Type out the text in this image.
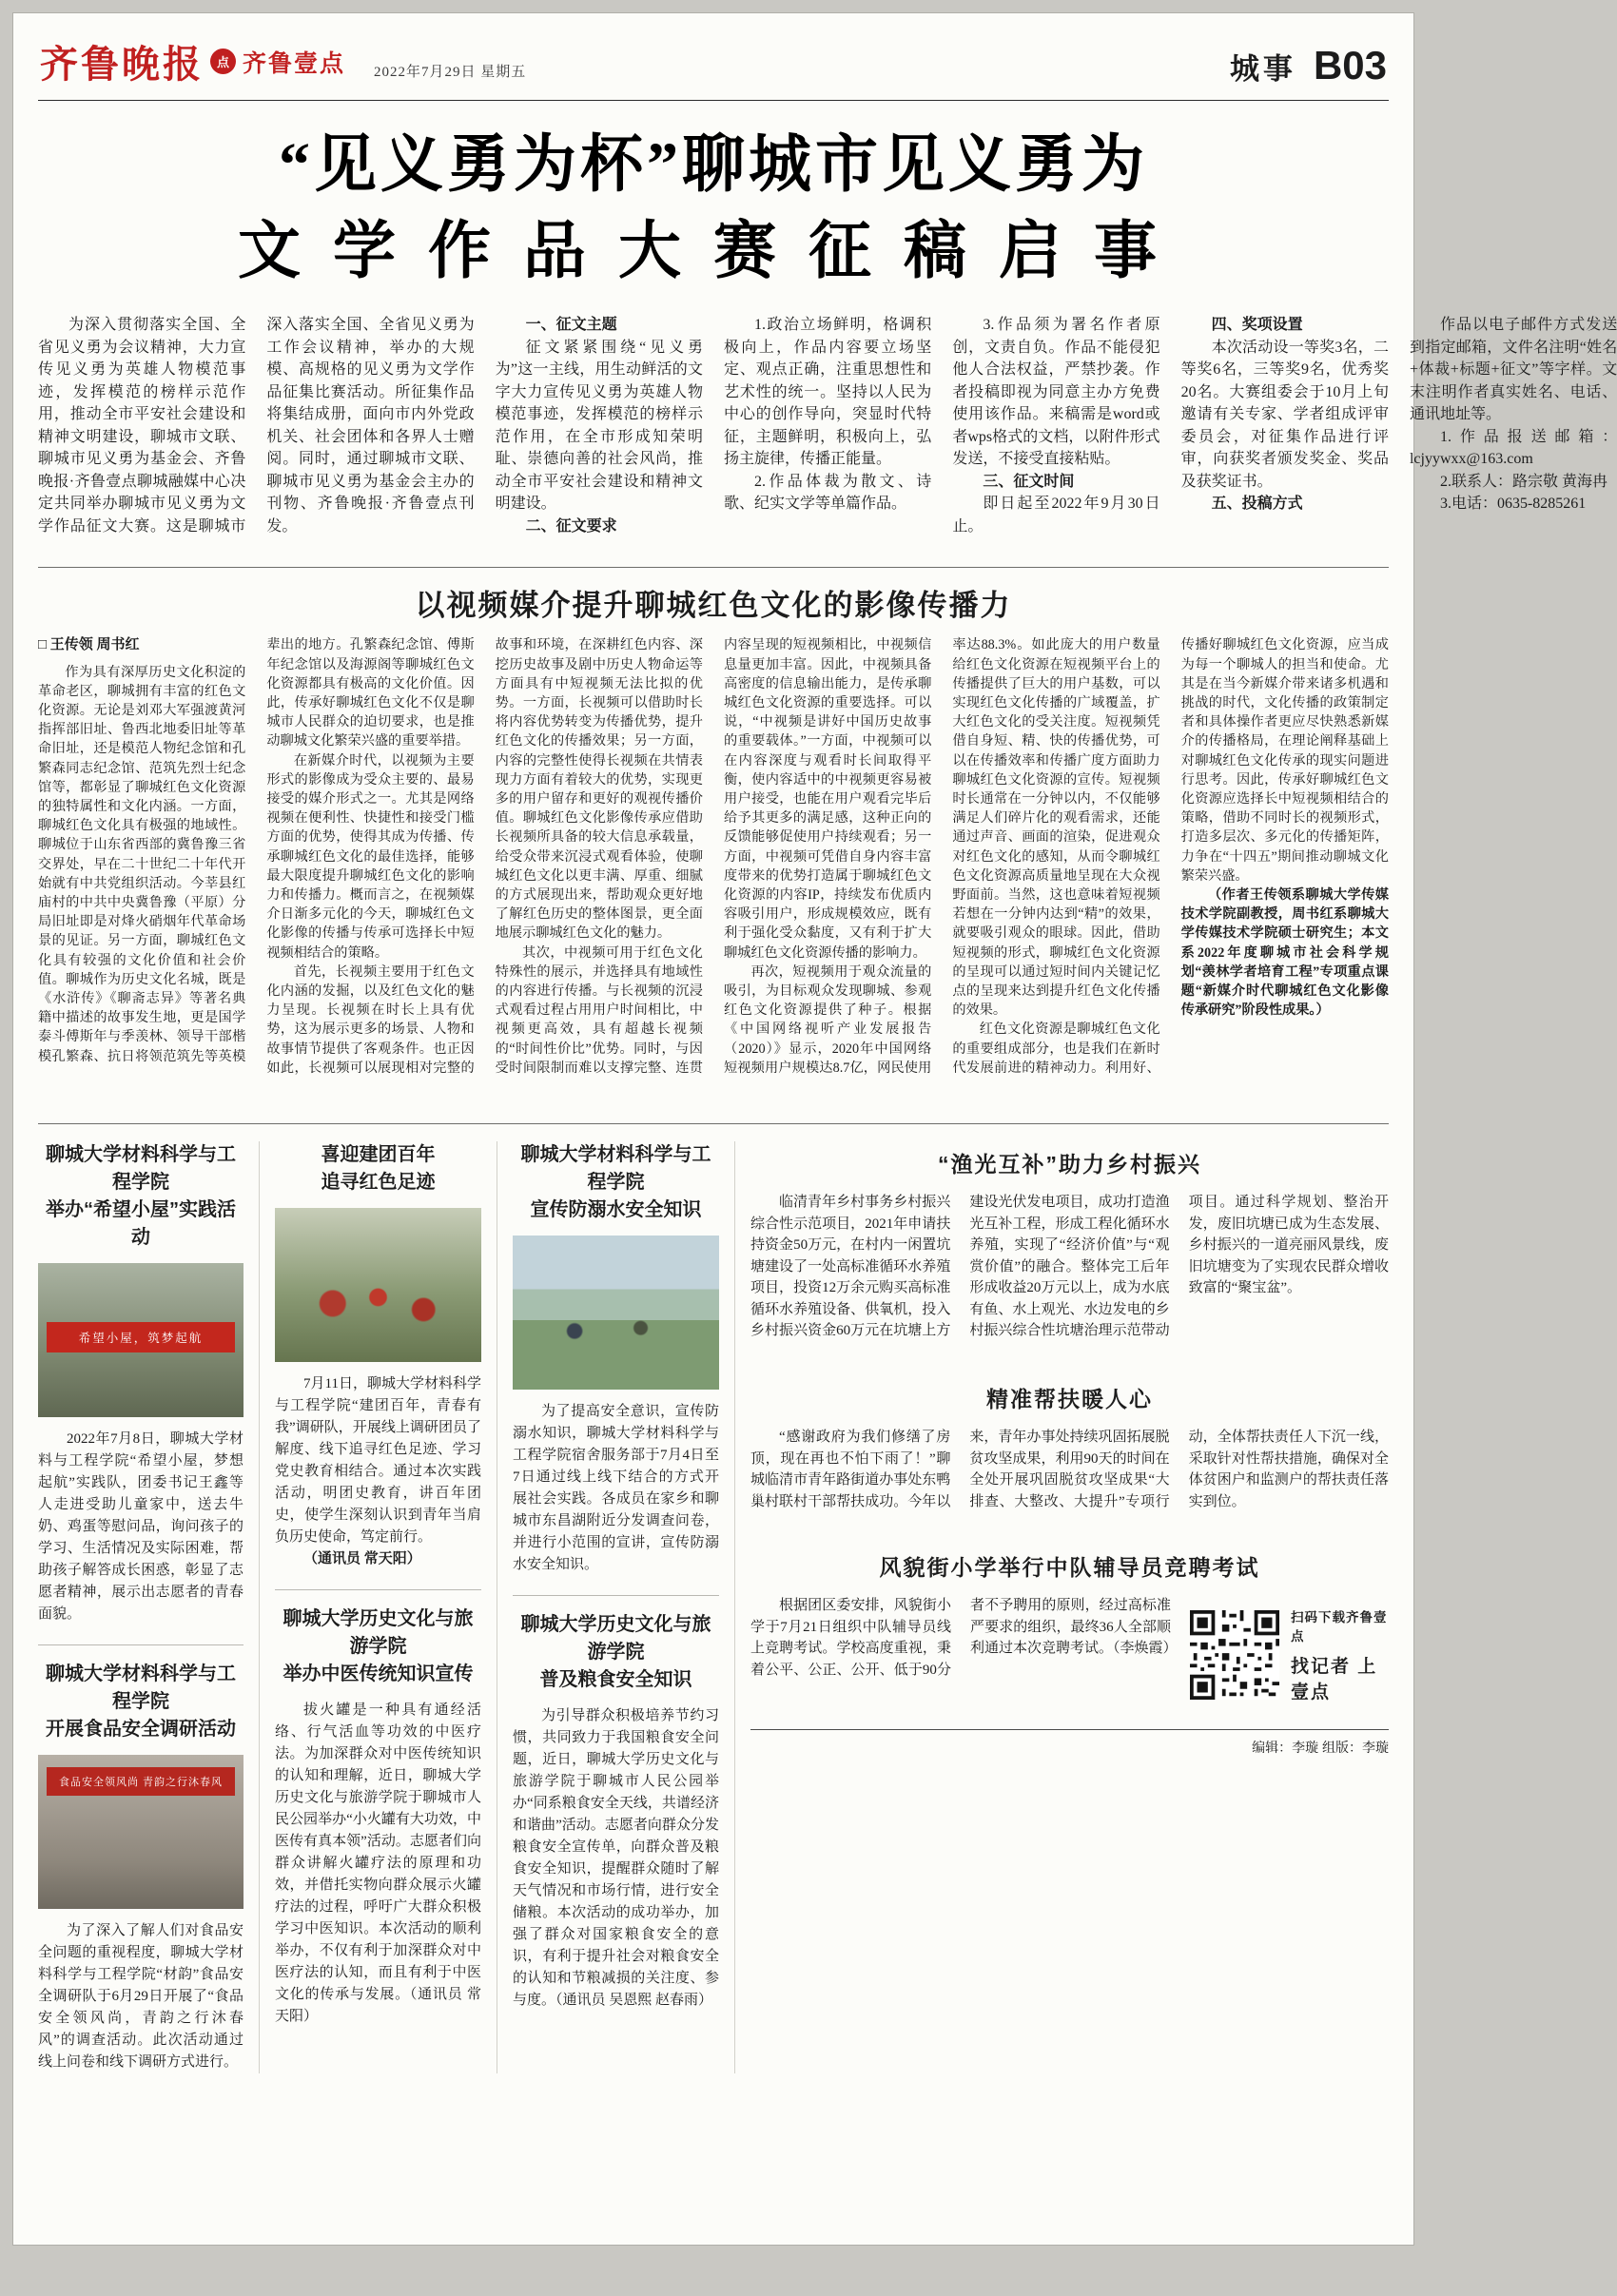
齐鲁晚报	点 齐鲁壹点 2022年7月29日 星期五	城事 B03
“见义勇为杯”聊城市见义勇为
文学作品大赛征稿启事

为深入贯彻落实全国、全省见义勇为会议精神，大力宣传见义勇为英雄人物模范事迹，发挥模范的榜样示范作用，推动全市平安社会建设和精神文明建设，聊城市文联、聊城市见义勇为基金会、齐鲁晚报·齐鲁壹点聊城融媒中心决定共同举办聊城市见义勇为文学作品征文大赛。这是聊城市深入落实全国、全省见义勇为工作会议精神，举办的大规模、高规格的见义勇为文学作品征集比赛活动。所征集作品将集结成册，面向市内外党政机关、社会团体和各界人士赠阅。同时，通过聊城市文联、聊城市见义勇为基金会主办的刊物、齐鲁晚报·齐鲁壹点刊发。

一、征文主题

征文紧紧围绕“见义勇为”这一主线，用生动鲜活的文字大力宣传见义勇为英雄人物模范事迹，发挥模范的榜样示范作用，在全市形成知荣明耻、崇德向善的社会风尚，推动全市平安社会建设和精神文明建设。

二、征文要求

1.政治立场鲜明，格调积极向上，作品内容要立场坚定、观点正确，注重思想性和艺术性的统一。坚持以人民为中心的创作导向，突显时代特征，主题鲜明，积极向上，弘扬主旋律，传播正能量。

2.作品体裁为散文、诗歌、纪实文学等单篇作品。

3.作品须为署名作者原创，文责自负。作品不能侵犯他人合法权益，严禁抄袭。作者投稿即视为同意主办方免费使用该作品。来稿需是word或者wps格式的文档，以附件形式发送，不接受直接粘贴。

三、征文时间

即日起至2022年9月30日止。

四、奖项设置

本次活动设一等奖3名，二等奖6名，三等奖9名，优秀奖20名。大赛组委会于10月上旬邀请有关专家、学者组成评审委员会，对征集作品进行评审，向获奖者颁发奖金、奖品及获奖证书。

五、投稿方式

作品以电子邮件方式发送到指定邮箱，文件名注明“姓名+体裁+标题+征文”等字样。文末注明作者真实姓名、电话、通讯地址等。

1.作品报送邮箱：lcjyywxx@163.com

2.联系人：路宗敬 黄海冉

3.电话：0635-8285261

以视频媒介提升聊城红色文化的影像传播力
□ 王传领 周书红

作为具有深厚历史文化积淀的革命老区，聊城拥有丰富的红色文化资源。无论是刘邓大军强渡黄河指挥部旧址、鲁西北地委旧址等革命旧址，还是模范人物纪念馆和孔繁森同志纪念馆、范筑先烈士纪念馆等，都彰显了聊城红色文化资源的独特属性和文化内涵。一方面，聊城红色文化具有极强的地域性。聊城位于山东省西部的冀鲁豫三省交界处，早在二十世纪二十年代开始就有中共党组织活动。今莘县红庙村的中共中央冀鲁豫（平原）分局旧址即是对烽火硝烟年代革命场景的见证。另一方面，聊城红色文化具有较强的文化价值和社会价值。聊城作为历史文化名城，既是《水浒传》《聊斋志异》等著名典籍中描述的故事发生地，更是国学泰斗傅斯年与季羡林、领导干部楷模孔繁森、抗日将领范筑先等英模辈出的地方。孔繁森纪念馆、傅斯年纪念馆以及海源阁等聊城红色文化资源都具有极高的文化价值。因此，传承好聊城红色文化不仅是聊城市人民群众的迫切要求，也是推动聊城文化繁荣兴盛的重要举措。

在新媒介时代，以视频为主要形式的影像成为受众主要的、最易接受的媒介形式之一。尤其是网络视频在便利性、快捷性和接受门槛方面的优势，使得其成为传播、传承聊城红色文化的最佳选择，能够最大限度提升聊城红色文化的影响力和传播力。概而言之，在视频媒介日渐多元化的今天，聊城红色文化影像的传播与传承可选择长中短视频相结合的策略。

首先，长视频主要用于红色文化内涵的发掘，以及红色文化的魅力呈现。长视频在时长上具有优势，这为展示更多的场景、人物和故事情节提供了客观条件。也正因如此，长视频可以展现相对完整的故事和环境，在深耕红色内容、深挖历史故事及剧中历史人物命运等方面具有中短视频无法比拟的优势。一方面，长视频可以借助时长将内容优势转变为传播优势，提升红色文化的传播效果；另一方面，内容的完整性使得长视频在共情表现力方面有着较大的优势，实现更多的用户留存和更好的观视传播价值。聊城红色文化影像传承应借助长视频所具备的较大信息承载量，给受众带来沉浸式观看体验，使聊城红色文化以更丰满、厚重、细腻的方式展现出来，帮助观众更好地了解红色历史的整体图景，更全面地展示聊城红色文化的魅力。

其次，中视频可用于红色文化特殊性的展示，并选择具有地域性的内容进行传播。与长视频的沉浸式观看过程占用用户时间相比，中视频更高效，具有超越长视频的“时间性价比”优势。同时，与因受时间限制而难以支撑完整、连贯内容呈现的短视频相比，中视频信息量更加丰富。因此，中视频具备高密度的信息输出能力，是传承聊城红色文化资源的重要选择。可以说，“中视频是讲好中国历史故事的重要载体。”一方面，中视频可以在内容深度与观看时长间取得平衡，使内容适中的中视频更容易被用户接受，也能在用户观看完毕后给予其更多的满足感，这种正向的反馈能够促使用户持续观看；另一方面，中视频可凭借自身内容丰富度带来的优势打造属于聊城红色文化资源的内容IP，持续发布优质内容吸引用户，形成规模效应，既有利于强化受众黏度，又有利于扩大聊城红色文化资源传播的影响力。

再次，短视频用于观众流量的吸引，为目标观众发现聊城、参观红色文化资源提供了种子。根据《中国网络视听产业发展报告（2020）》显示，2020年中国网络短视频用户规模达8.7亿，网民使用率达88.3%。如此庞大的用户数量给红色文化资源在短视频平台上的传播提供了巨大的用户基数，可以实现红色文化传播的广域覆盖，扩大红色文化的受关注度。短视频凭借自身短、精、快的传播优势，可以在传播效率和传播广度方面助力聊城红色文化资源的宣传。短视频时长通常在一分钟以内，不仅能够满足人们碎片化的观看需求，还能通过声音、画面的渲染，促进观众对红色文化的感知，从而令聊城红色文化资源高质量地呈现在大众视野面前。当然，这也意味着短视频若想在一分钟内达到“精”的效果，就要吸引观众的眼球。因此，借助短视频的形式，聊城红色文化资源的呈现可以通过短时间内关键记忆点的呈现来达到提升红色文化传播的效果。

红色文化资源是聊城红色文化的重要组成部分，也是我们在新时代发展前进的精神动力。利用好、传播好聊城红色文化资源，应当成为每一个聊城人的担当和使命。尤其是在当今新媒介带来诸多机遇和挑战的时代，文化传播的政策制定者和具体操作者更应尽快熟悉新媒介的传播格局，在理论阐释基础上对聊城红色文化传承的现实问题进行思考。因此，传承好聊城红色文化资源应选择长中短视频相结合的策略，借助不同时长的视频形式，打造多层次、多元化的传播矩阵，力争在“十四五”期间推动聊城文化繁荣兴盛。

（作者王传领系聊城大学传媒技术学院副教授，周书红系聊城大学传媒技术学院硕士研究生；本文系2022年度聊城市社会科学规划“羡林学者培育工程”专项重点课题“新媒介时代聊城红色文化影像传承研究”阶段性成果。）

聊城大学材料科学与工程学院
举办“希望小屋”实践活动
希望小屋，筑梦起航

2022年7月8日，聊城大学材料与工程学院“希望小屋，梦想起航”实践队，团委书记王鑫等人走进受助儿童家中，送去牛奶、鸡蛋等慰问品，询问孩子的学习、生活情况及实际困难，帮助孩子解答成长困惑，彰显了志愿者精神，展示出志愿者的青春面貌。

聊城大学材料科学与工程学院
开展食品安全调研活动
食品安全领风尚 青韵之行沐春风

为了深入了解人们对食品安全问题的重视程度，聊城大学材料科学与工程学院“材韵”食品安全调研队于6月29日开展了“食品安全领风尚，青韵之行沐春风”的调查活动。此次活动通过线上问卷和线下调研方式进行。

喜迎建团百年
追寻红色足迹

7月11日，聊城大学材料科学与工程学院“建团百年，青春有我”调研队，开展线上调研团员了解度、线下追寻红色足迹、学习党史教育相结合。通过本次实践活动，明团史教育，讲百年团史，使学生深刻认识到青年当肩负历史使命，笃定前行。

（通讯员 常天阳）

聊城大学历史文化与旅游学院
举办中医传统知识宣传

拔火罐是一种具有通经活络、行气活血等功效的中医疗法。为加深群众对中医传统知识的认知和理解，近日，聊城大学历史文化与旅游学院于聊城市人民公园举办“小火罐有大功效，中医传有真本领”活动。志愿者们向群众讲解火罐疗法的原理和功效，并借托实物向群众展示火罐疗法的过程，呼吁广大群众积极学习中医知识。本次活动的顺利举办，不仅有利于加深群众对中医疗法的认知，而且有利于中医文化的传承与发展。（通讯员 常天阳）

聊城大学材料科学与工程学院
宣传防溺水安全知识

为了提高安全意识，宣传防溺水知识，聊城大学材料科学与工程学院宿舍服务部于7月4日至7日通过线上线下结合的方式开展社会实践。各成员在家乡和聊城市东昌湖附近分发调查问卷，并进行小范围的宣讲，宣传防溺水安全知识。

聊城大学历史文化与旅游学院
普及粮食安全知识

为引导群众积极培养节约习惯，共同致力于我国粮食安全问题，近日，聊城大学历史文化与旅游学院于聊城市人民公园举办“同系粮食安全天线，共谱经济和谐曲”活动。志愿者向群众分发粮食安全宣传单，向群众普及粮食安全知识，提醒群众随时了解天气情况和市场行情，进行安全储粮。本次活动的成功举办，加强了群众对国家粮食安全的意识，有利于提升社会对粮食安全的认知和节粮减损的关注度、参与度。（通讯员 吴恩熙 赵春雨）

“渔光互补”助力乡村振兴

临清青年乡村事务乡村振兴综合性示范项目，2021年申请扶持资金50万元，在村内一闲置坑塘建设了一处高标准循环水养殖项目，投资12万余元购买高标准循环水养殖设备、供氧机，投入乡村振兴资金60万元在坑塘上方建设光伏发电项目，成功打造渔光互补工程，形成工程化循环水养殖，实现了“经济价值”与“观赏价值”的融合。整体完工后年形成收益20万元以上，成为水底有鱼、水上观光、水边发电的乡村振兴综合性坑塘治理示范带动项目。通过科学规划、整治开发，废旧坑塘已成为生态发展、乡村振兴的一道亮丽风景线，废旧坑塘变为了实现农民群众增收致富的“聚宝盆”。

精准帮扶暖人心

“感谢政府为我们修缮了房顶，现在再也不怕下雨了！”聊城临清市青年路街道办事处东鸭巢村联村干部帮扶成功。今年以来，青年办事处持续巩固拓展脱贫攻坚成果，利用90天的时间在全处开展巩固脱贫攻坚成果“大排查、大整改、大提升”专项行动，全体帮扶责任人下沉一线，采取针对性帮扶措施，确保对全体贫困户和监测户的帮扶责任落实到位。

风貌街小学举行中队辅导员竞聘考试

根据团区委安排，风貌街小学于7月21日组织中队辅导员线上竞聘考试。学校高度重视，秉着公平、公正、公开、低于90分者不予聘用的原则，经过高标准严要求的组织，最终36人全部顺利通过本次竞聘考试。（李焕霞）

扫码下载齐鲁壹点
找记者 上壹点
编辑：李璇 组版：李璇
